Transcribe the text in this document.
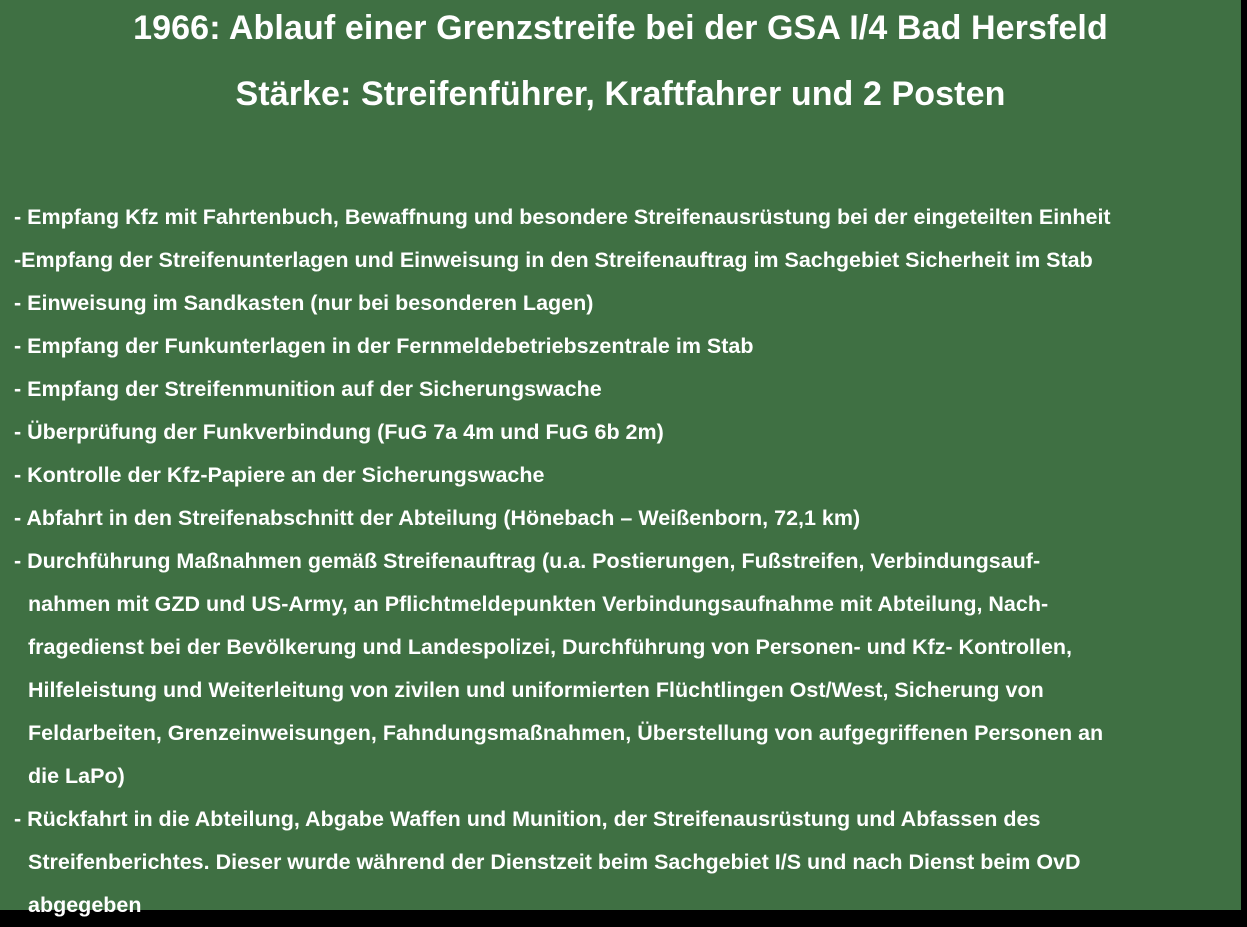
1966: Ablauf einer Grenzstreife bei der GSA I/4 Bad Hersfeld
Stärke: Streifenführer, Kraftfahrer und 2 Posten
- Empfang Kfz mit Fahrtenbuch, Bewaffnung und besondere Streifenausrüstung bei der eingeteilten Einheit
-Empfang der Streifenunterlagen und Einweisung in den Streifenauftrag im Sachgebiet Sicherheit im Stab
- Einweisung im Sandkasten (nur bei besonderen Lagen)
- Empfang der Funkunterlagen in der Fernmeldebetriebszentrale im Stab
- Empfang der Streifenmunition auf der Sicherungswache
- Überprüfung der Funkverbindung (FuG 7a 4m und FuG 6b 2m)
- Kontrolle der Kfz-Papiere an der Sicherungswache
- Abfahrt in den Streifenabschnitt der Abteilung (Hönebach – Weißenborn, 72,1 km)
- Durchführung Maßnahmen gemäß Streifenauftrag (u.a. Postierungen, Fußstreifen, Verbindungsauf-
nahmen mit GZD und US-Army, an Pflichtmeldepunkten Verbindungsaufnahme mit Abteilung, Nach-
fragedienst bei der Bevölkerung und Landespolizei, Durchführung von Personen- und Kfz- Kontrollen,
Hilfeleistung und Weiterleitung von zivilen und uniformierten Flüchtlingen Ost/West, Sicherung von
Feldarbeiten, Grenzeinweisungen, Fahndungsmaßnahmen, Überstellung von aufgegriffenen Personen an
die LaPo)
- Rückfahrt in die Abteilung, Abgabe Waffen und Munition, der Streifenausrüstung und Abfassen des
Streifenberichtes. Dieser wurde während der Dienstzeit beim Sachgebiet I/S und nach Dienst beim OvD
abgegeben
